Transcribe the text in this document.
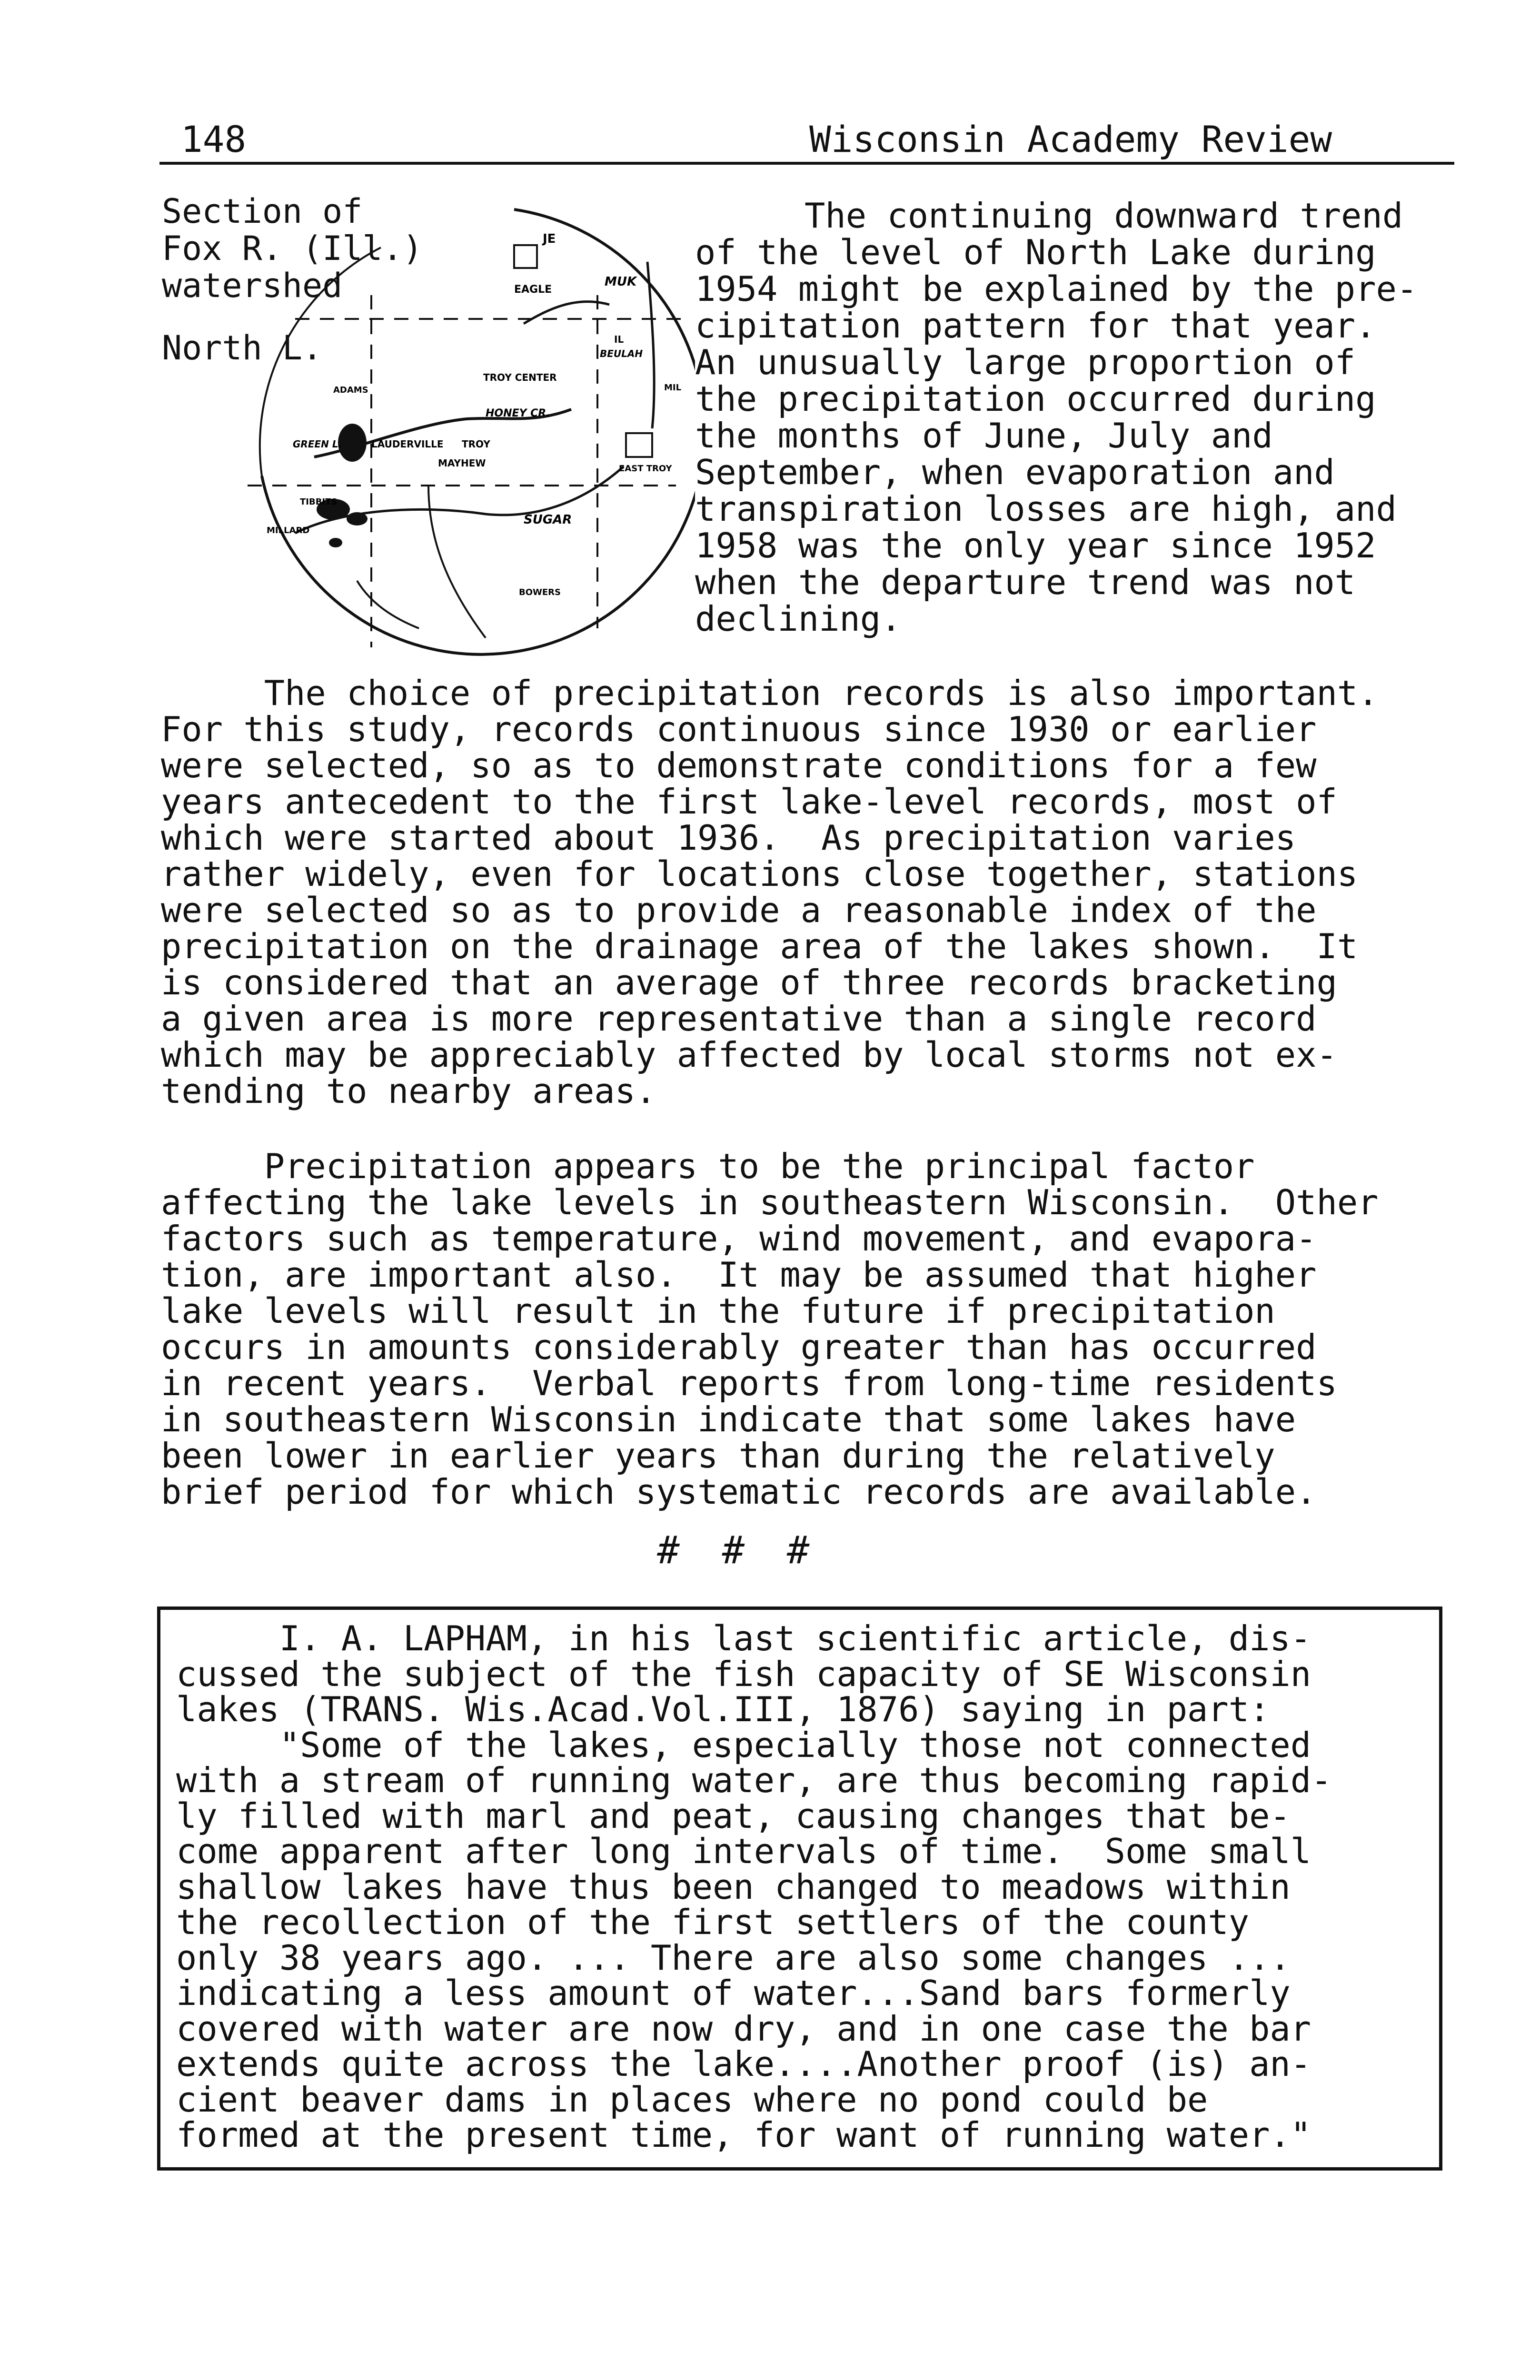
148	Wisconsin Academy Review
Section of
Fox R. (Ill.)
watershed
North L.
EAGLE
JE
MUK
IL
BEULAH
ADAMS
TROY CENTER
HONEY CR.
MIL
GREEN L.	LAUDERVILLE TROY
EAST TROY
MAYHEW
TIBBITS
MILLARD
SUGAR
BOWERS
The continuing downward trend
of the level of North Lake during
1954 might be explained by the pre-
cipitation pattern for that year.
An unusually large proportion of
the precipitation occurred during
the months of June, July and
September, when evaporation and
transpiration losses are high, and
1958 was the only year since 1952
when the departure trend was not
declining.
The choice of precipitation records is also important.
For this study, records continuous since 1930 or earlier
were selected, so as to demonstrate conditions for a few
years antecedent to the first lake-level records, most of
which were started about 1936.  As precipitation varies
rather widely, even for locations close together, stations
were selected so as to provide a reasonable index of the
precipitation on the drainage area of the lakes shown.  It
is considered that an average of three records bracketing
a given area is more representative than a single record
which may be appreciably affected by local storms not ex-
tending to nearby areas.
Precipitation appears to be the principal factor
affecting the lake levels in southeastern Wisconsin.  Other
factors such as temperature, wind movement, and evapora-
tion, are important also.  It may be assumed that higher
lake levels will result in the future if precipitation
occurs in amounts considerably greater than has occurred
in recent years.  Verbal reports from long-time residents
in southeastern Wisconsin indicate that some lakes have
been lower in earlier years than during the relatively
brief period for which systematic records are available.
# # #
I. A. LAPHAM, in his last scientific article, dis-
cussed the subject of the fish capacity of SE Wisconsin
lakes (TRANS. Wis.Acad.Vol.III, 1876) saying in part:
"Some of the lakes, especially those not connected
with a stream of running water, are thus becoming rapid-
ly filled with marl and peat, causing changes that be-
come apparent after long intervals of time.  Some small
shallow lakes have thus been changed to meadows within
the recollection of the first settlers of the county
only 38 years ago. ... There are also some changes ...
indicating a less amount of water...Sand bars formerly
covered with water are now dry, and in one case the bar
extends quite across the lake....Another proof (is) an-
cient beaver dams in places where no pond could be
formed at the present time, for want of running water."
